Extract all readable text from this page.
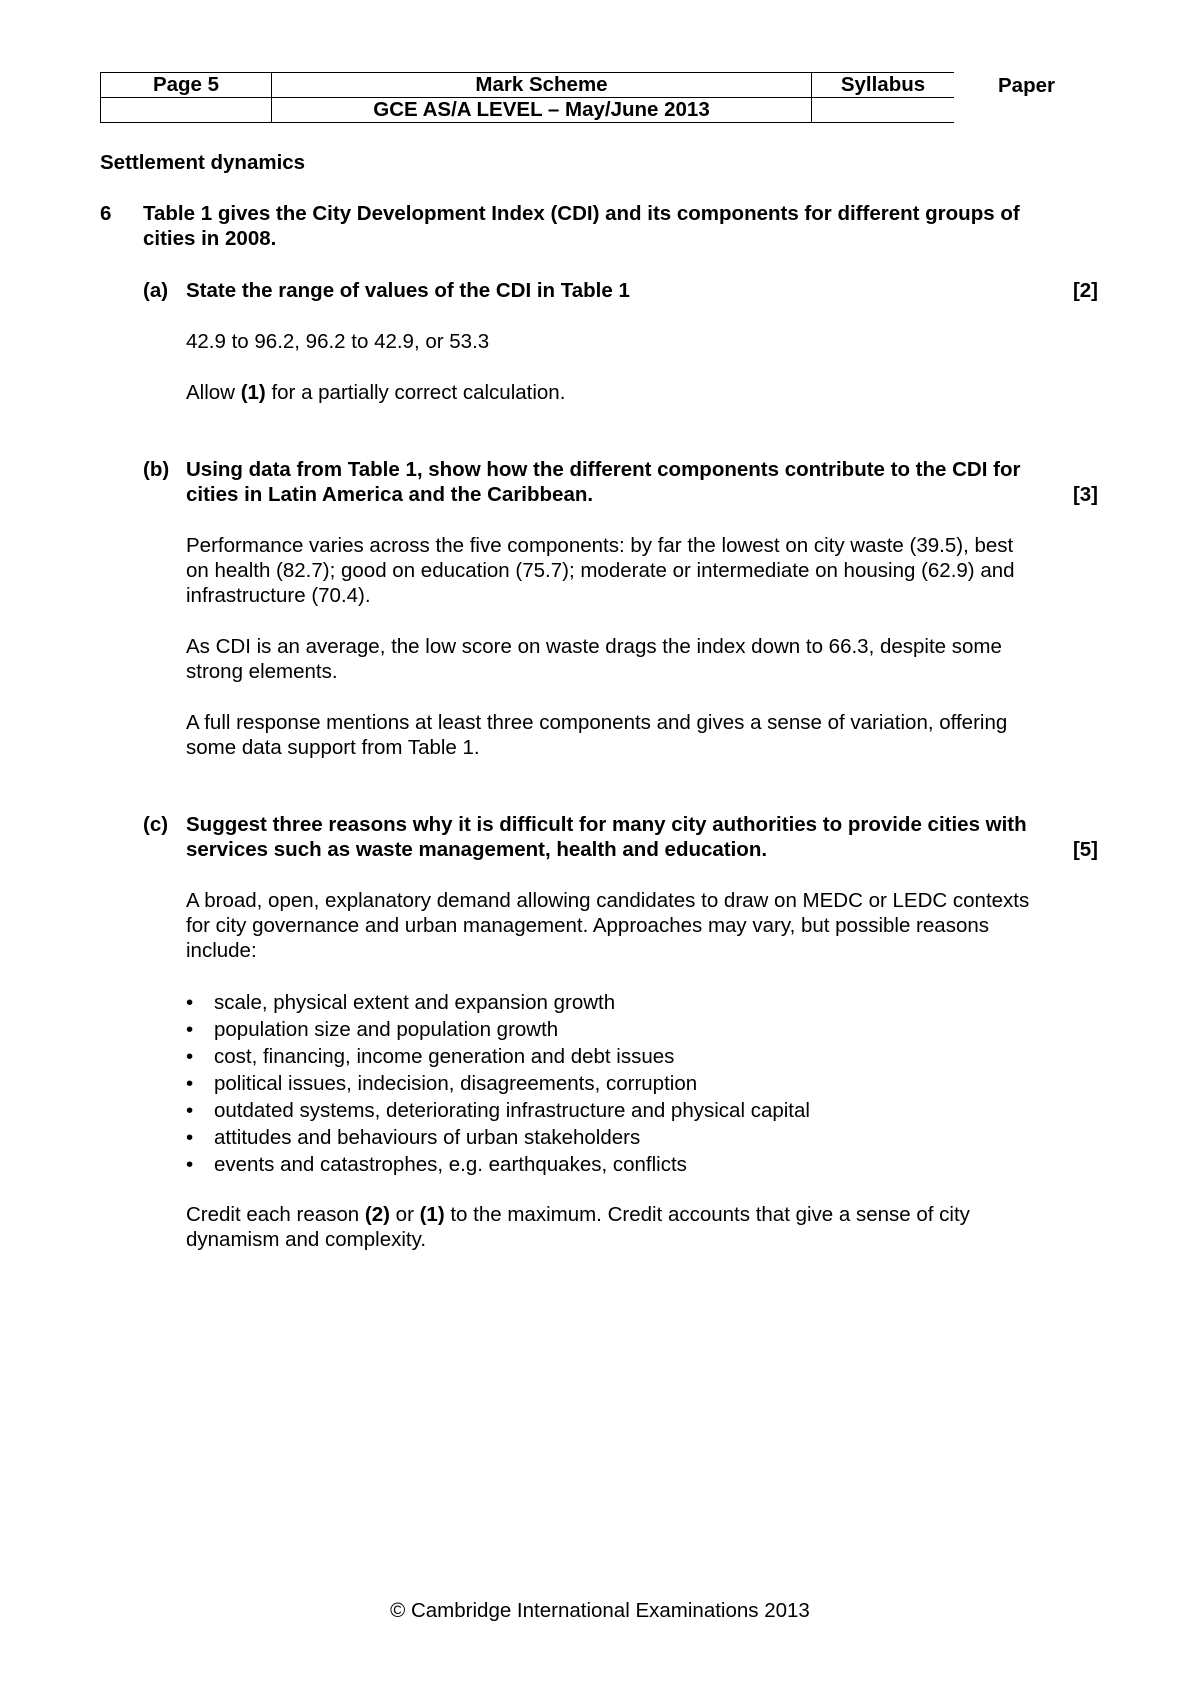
Page 5	Mark Scheme	Syllabus
	GCE AS/A LEVEL – May/June 2013	
Paper
Settlement dynamics
6 Table 1 gives the City Development Index (CDI) and its components for different groups of
cities in 2008.
(a) State the range of values of the CDI in Table 1	[2]
42.9 to 96.2, 96.2 to 42.9, or 53.3
Allow (1) for a partially correct calculation.
(b) Using data from Table 1, show how the different components contribute to the CDI for
cities in Latin America and the Caribbean.	[3]
Performance varies across the five components: by far the lowest on city waste (39.5), best
on health (82.7); good on education (75.7); moderate or intermediate on housing (62.9) and
infrastructure (70.4).
As CDI is an average, the low score on waste drags the index down to 66.3, despite some
strong elements.
A full response mentions at least three components and gives a sense of variation, offering
some data support from Table 1.
(c) Suggest three reasons why it is difficult for many city authorities to provide cities with
services such as waste management, health and education.	[5]
A broad, open, explanatory demand allowing candidates to draw on MEDC or LEDC contexts
for city governance and urban management. Approaches may vary, but possible reasons
include:
• scale, physical extent and expansion growth
• population size and population growth
• cost, financing, income generation and debt issues
• political issues, indecision, disagreements, corruption
• outdated systems, deteriorating infrastructure and physical capital
• attitudes and behaviours of urban stakeholders
• events and catastrophes, e.g. earthquakes, conflicts
Credit each reason (2) or (1) to the maximum. Credit accounts that give a sense of city
dynamism and complexity.
© Cambridge International Examinations 2013
